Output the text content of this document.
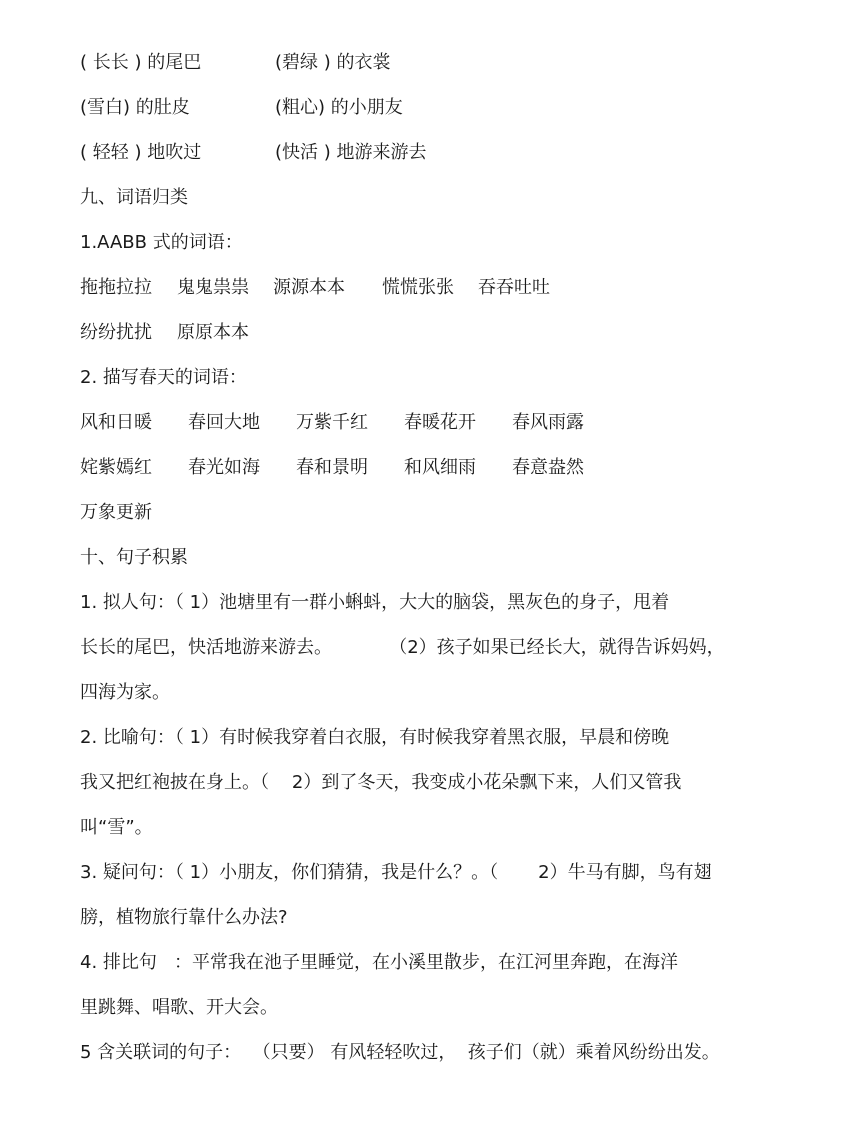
( 长长 ) 的尾巴	(碧绿 ) 的衣裳
(雪白) 的肚皮	(粗心) 的小朋友
( 轻轻 ) 地吹过	(快活 ) 地游来游去
九、词语归类
1.AABB 式的词语：
拖拖拉拉 鬼鬼祟祟 源源本本 慌慌张张 吞吞吐吐
纷纷扰扰 原原本本
2. 描写春天的词语：
风和日暖 春回大地 万紫千红 春暖花开 春风雨露
姹紫嫣红 春光如海 春和景明 和风细雨 春意盎然
万象更新
十、句子积累
1. 拟人句：（ 1）池塘里有一群小蝌蚪，大大的脑袋，黑灰色的身子，甩着
长长的尾巴，快活地游来游去。          （2）孩子如果已经长大，就得告诉妈妈，
四海为家。
2. 比喻句：（ 1）有时候我穿着白衣服，有时候我穿着黑衣服，早晨和傍晚
我又把红袍披在身上。（    2）到了冬天，我变成小花朵飘下来，人们又管我
叫“雪”。
3. 疑问句：（ 1）小朋友，你们猜猜，我是什么？。（       2）牛马有脚，鸟有翅
膀，植物旅行靠什么办法?
4. 排比句   ：平常我在池子里睡觉，在小溪里散步，在江河里奔跑，在海洋
里跳舞、唱歌、开大会。
5 含关联词的句子：  （只要） 有风轻轻吹过，  孩子们（就）乘着风纷纷出发。
